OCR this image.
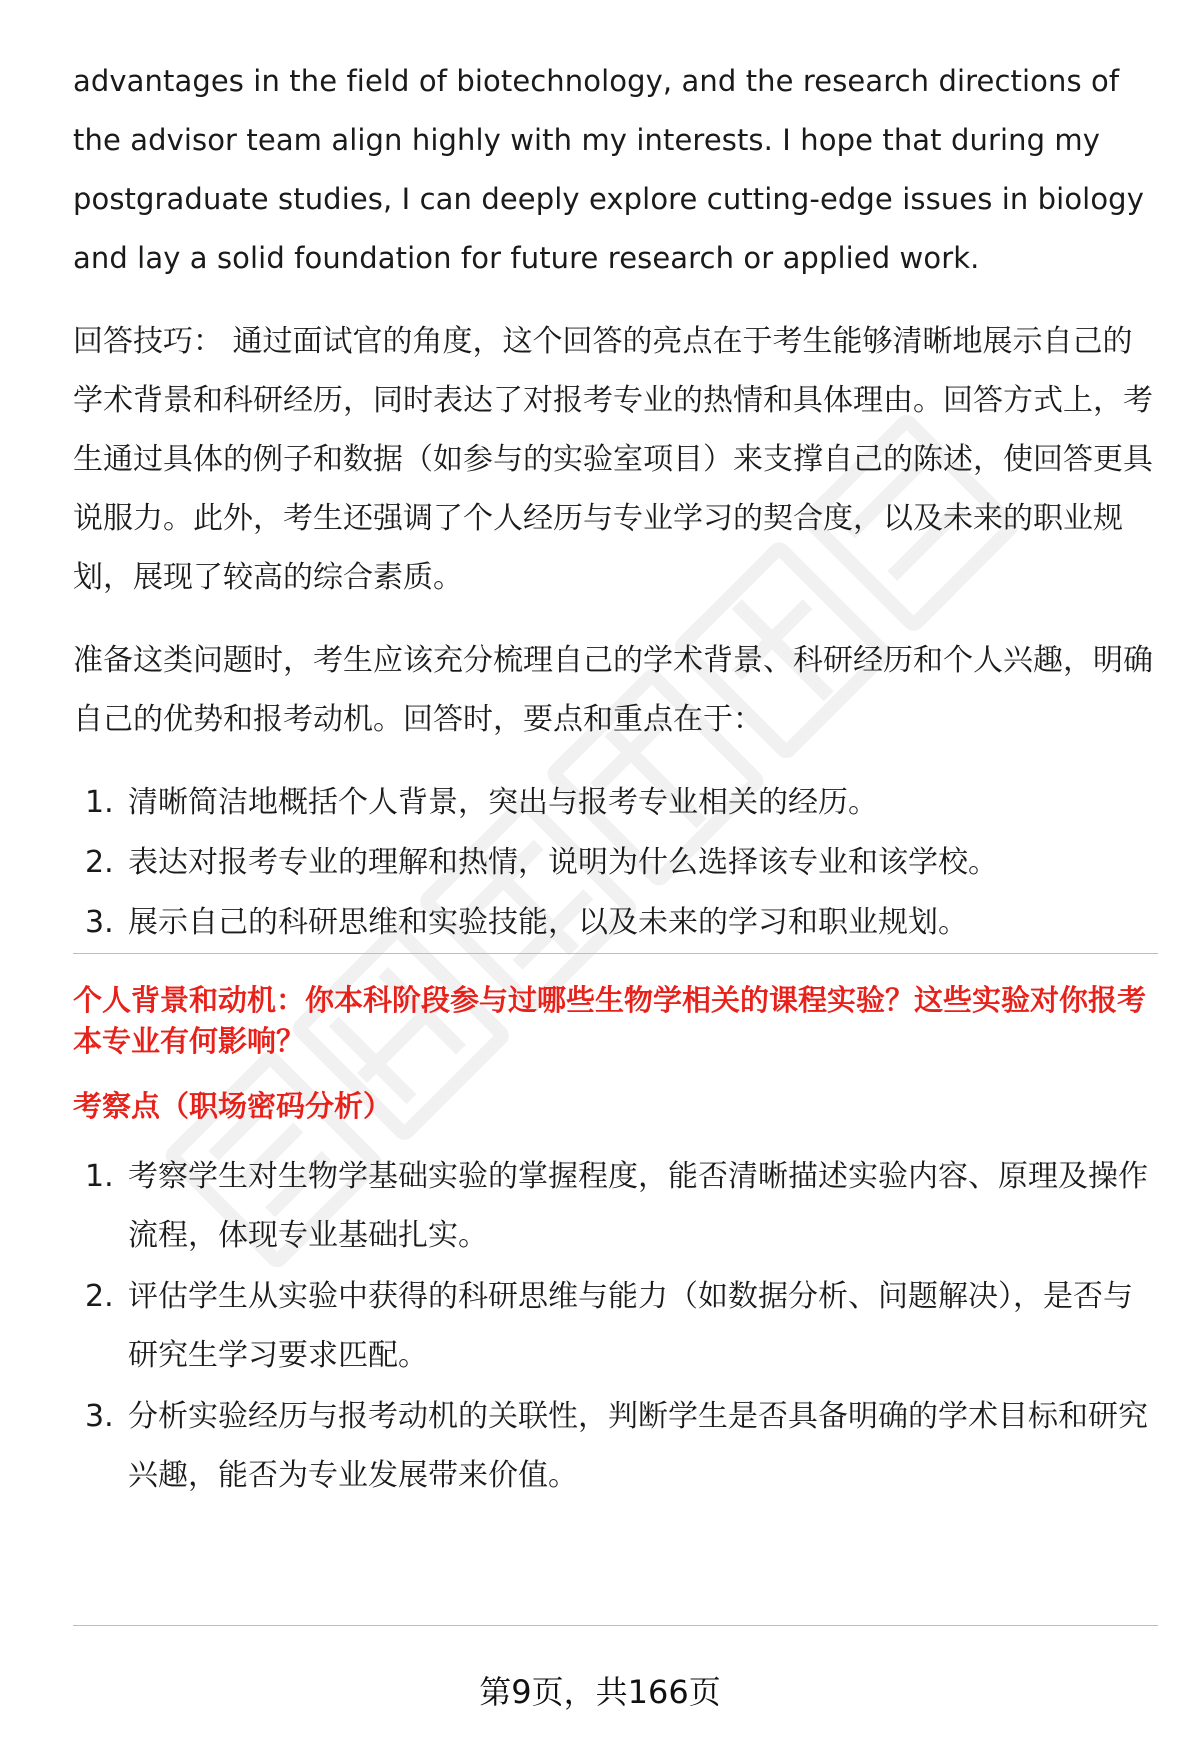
advantages in the field of biotechnology, and the research directions of the advisor team align highly with my interests. I hope that during my postgraduate studies, I can deeply explore cutting-edge issues in biology and lay a solid foundation for future research or applied work.

回答技巧： 通过面试官的角度，这个回答的亮点在于考生能够清晰地展示自己的学术背景和科研经历，同时表达了对报考专业的热情和具体理由。回答方式上，考生通过具体的例子和数据（如参与的实验室项目）来支撑自己的陈述，使回答更具说服力。此外，考生还强调了个人经历与专业学习的契合度，以及未来的职业规划，展现了较高的综合素质。

准备这类问题时，考生应该充分梳理自己的学术背景、科研经历和个人兴趣，明确自己的优势和报考动机。回答时，要点和重点在于：

1. 清晰简洁地概括个人背景，突出与报考专业相关的经历。
2. 表达对报考专业的理解和热情，说明为什么选择该专业和该学校。
3. 展示自己的科研思维和实验技能，以及未来的学习和职业规划。
个人背景和动机：你本科阶段参与过哪些生物学相关的课程实验？这些实验对你报考本专业有何影响？
考察点（职场密码分析）
1. 考察学生对生物学基础实验的掌握程度，能否清晰描述实验内容、原理及操作流程，体现专业基础扎实。
2. 评估学生从实验中获得的科研思维与能力（如数据分析、问题解决），是否与研究生学习要求匹配。
3. 分析实验经历与报考动机的关联性，判断学生是否具备明确的学术目标和研究兴趣，能否为专业发展带来价值。
第9页，共166页
